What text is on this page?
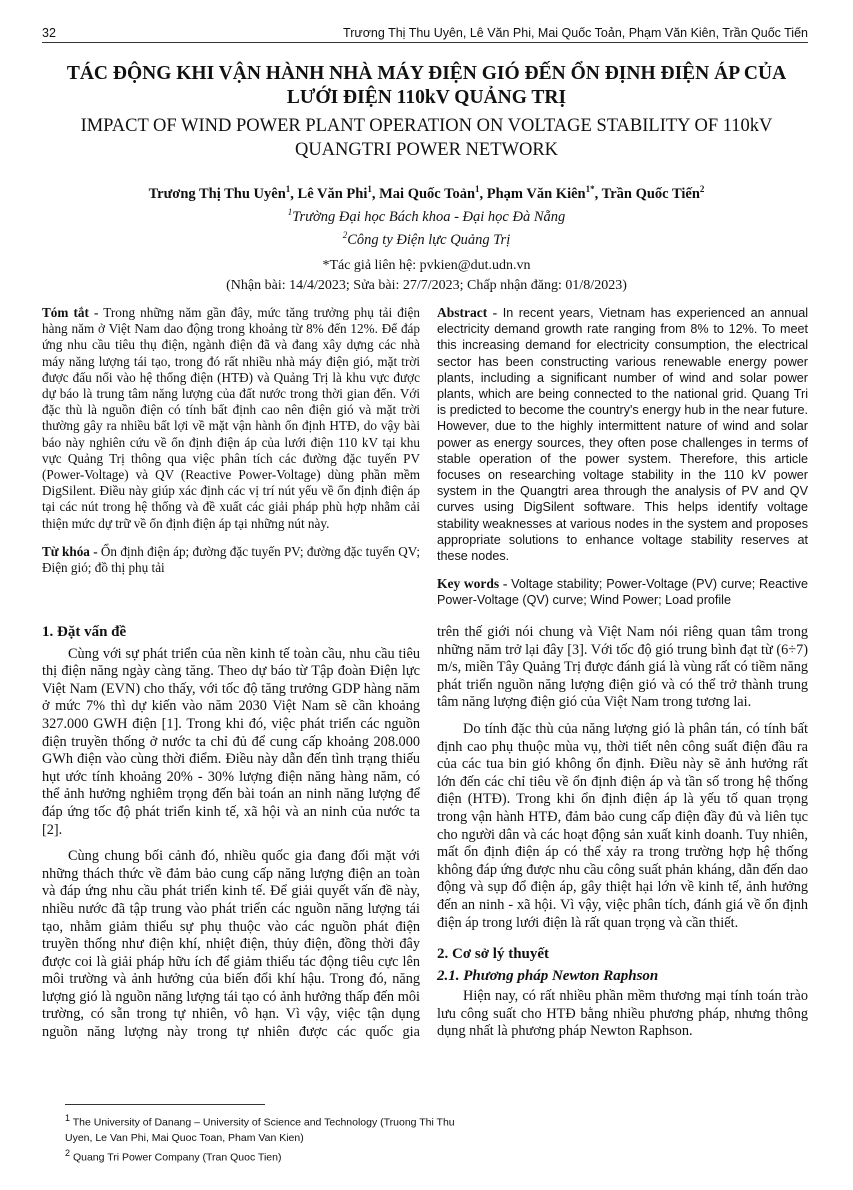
32	Trương Thị Thu Uyên, Lê Văn Phi, Mai Quốc Toản, Phạm Văn Kiên, Trần Quốc Tiến
TÁC ĐỘNG KHI VẬN HÀNH NHÀ MÁY ĐIỆN GIÓ ĐẾN ỔN ĐỊNH ĐIỆN ÁP CỦA LƯỚI ĐIỆN 110kV QUẢNG TRỊ
IMPACT OF WIND POWER PLANT OPERATION ON VOLTAGE STABILITY OF 110kV QUANGTRI POWER NETWORK
Trương Thị Thu Uyên$^1$, Lê Văn Phi$^1$, Mai Quốc Toản$^1$, Phạm Văn Kiên$^{1*}$, Trần Quốc Tiến$^2$
$^1$Trường Đại học Bách khoa - Đại học Đà Nẵng
$^2$Công ty Điện lực Quảng Trị
*Tác giả liên hệ: pvkien@dut.udn.vn
(Nhận bài: 14/4/2023; Sửa bài: 27/7/2023; Chấp nhận đăng: 01/8/2023)

Tóm tắt - Trong những năm gần đây, mức tăng trưởng phụ tải điện hàng năm ở Việt Nam dao động trong khoảng từ 8% đến 12%. Để đáp ứng nhu cầu tiêu thụ điện, ngành điện đã và đang xây dựng các nhà máy năng lượng tái tạo, trong đó rất nhiều nhà máy điện gió, mặt trời được đấu nối vào hệ thống điện (HTĐ) và Quảng Trị là khu vực được dự báo là trung tâm năng lượng của đất nước trong thời gian đến. Với đặc thù là nguồn điện có tính bất định cao nên điện gió và mặt trời thường gây ra nhiều bất lợi về mặt vận hành ổn định HTĐ, do vậy bài báo này nghiên cứu về ổn định điện áp của lưới điện 110 kV tại khu vực Quảng Trị thông qua việc phân tích các đường đặc tuyến PV (Power-Voltage) và QV (Reactive Power-Voltage) dùng phần mềm DigSilent. Điều này giúp xác định các vị trí nút yếu về ổn định điện áp tại các nút trong hệ thống và đề xuất các giải pháp phù hợp nhằm cải thiện mức dự trữ về ổn định điện áp tại những nút này.

Từ khóa - Ổn định điện áp; đường đặc tuyến PV; đường đặc tuyến QV; Điện gió; đồ thị phụ tải

Abstract - In recent years, Vietnam has experienced an annual electricity demand growth rate ranging from 8% to 12%. To meet this increasing demand for electricity consumption, the electrical sector has been constructing various renewable energy power plants, including a significant number of wind and solar power plants, which are being connected to the national grid. Quang Tri is predicted to become the country's energy hub in the near future. However, due to the highly intermittent nature of wind and solar power as energy sources, they often pose challenges in terms of stable operation of the power system. Therefore, this article focuses on researching voltage stability in the 110 kV power system in the Quangtri area through the analysis of PV and QV curves using DigSilent software. This helps identify voltage stability weaknesses at various nodes in the system and proposes appropriate solutions to enhance voltage stability reserves at these nodes.

Key words - Voltage stability; Power-Voltage (PV) curve; Reactive Power-Voltage (QV) curve; Wind Power; Load profile

1. Đặt vấn đề

Cùng với sự phát triển của nền kinh tế toàn cầu, nhu cầu tiêu thị điện năng ngày càng tăng. Theo dự báo từ Tập đoàn Điện lực Việt Nam (EVN) cho thấy, với tốc độ tăng trưởng GDP hàng năm ở mức 7% thì dự kiến vào năm 2030 Việt Nam sẽ cần khoảng 327.000 GWH điện [1]. Trong khi đó, việc phát triển các nguồn điện truyền thống ở nước ta chỉ đủ để cung cấp khoảng 208.000 GWh điện vào cùng thời điểm. Điều này dẫn đến tình trạng thiếu hụt ước tính khoảng 20% - 30% lượng điện năng hàng năm, có thể ảnh hưởng nghiêm trọng đến bài toán an ninh năng lượng để đáp ứng tốc độ phát triển kinh tế, xã hội và an ninh của nước ta [2].

Cùng chung bối cảnh đó, nhiều quốc gia đang đối mặt với những thách thức về đảm bảo cung cấp năng lượng điện an toàn và đáp ứng nhu cầu phát triển kinh tế. Để giải quyết vấn đề này, nhiều nước đã tập trung vào phát triển các nguồn năng lượng tái tạo, nhằm giảm thiểu sự phụ thuộc vào các nguồn phát điện truyền thống như điện khí, nhiệt điện, thủy điện, đồng thời đây được coi là giải pháp hữu ích để giảm thiểu tác động tiêu cực lên môi trường và ảnh hưởng của biến đổi khí hậu. Trong đó, năng lượng gió là nguồn năng lượng tái tạo có ảnh hưởng thấp đến môi trường, có sẵn trong tự nhiên, vô hạn. Vì vậy, việc tận dụng nguồn năng lượng này trong tự nhiên được các quốc gia

trên thế giới nói chung và Việt Nam nói riêng quan tâm trong những năm trở lại đây [3]. Với tốc độ gió trung bình đạt từ (6÷7) m/s, miền Tây Quảng Trị được đánh giá là vùng rất có tiềm năng phát triển nguồn năng lượng điện gió và có thể trở thành trung tâm năng lượng điện gió của Việt Nam trong tương lai.

Do tính đặc thù của năng lượng gió là phân tán, có tính bất định cao phụ thuộc mùa vụ, thời tiết nên công suất điện đầu ra của các tua bin gió không ổn định. Điều này sẽ ảnh hưởng rất lớn đến các chỉ tiêu về ổn định điện áp và tần số trong hệ thống điện (HTĐ). Trong khi ổn định điện áp là yếu tố quan trọng trong vận hành HTĐ, đảm bảo cung cấp điện đầy đủ và liên tục cho người dân và các hoạt động sản xuất kinh doanh. Tuy nhiên, mất ổn định điện áp có thể xảy ra trong trường hợp hệ thống không đáp ứng được nhu cầu công suất phản kháng, dẫn đến dao động và sụp đổ điện áp, gây thiệt hại lớn về kinh tế, ảnh hưởng đến an ninh - xã hội. Vì vậy, việc phân tích, đánh giá về ổn định điện áp trong lưới điện là rất quan trọng và cần thiết.

2. Cơ sở lý thuyết
2.1. Phương pháp Newton Raphson

Hiện nay, có rất nhiều phần mềm thương mại tính toán trào lưu công suất cho HTĐ bằng nhiều phương pháp, nhưng thông dụng nhất là phương pháp Newton Raphson.

$^1$ The University of Danang – University of Science and Technology (Truong Thi Thu Uyen, Le Van Phi, Mai Quoc Toan, Pham Van Kien)
$^2$ Quang Tri Power Company (Tran Quoc Tien)
